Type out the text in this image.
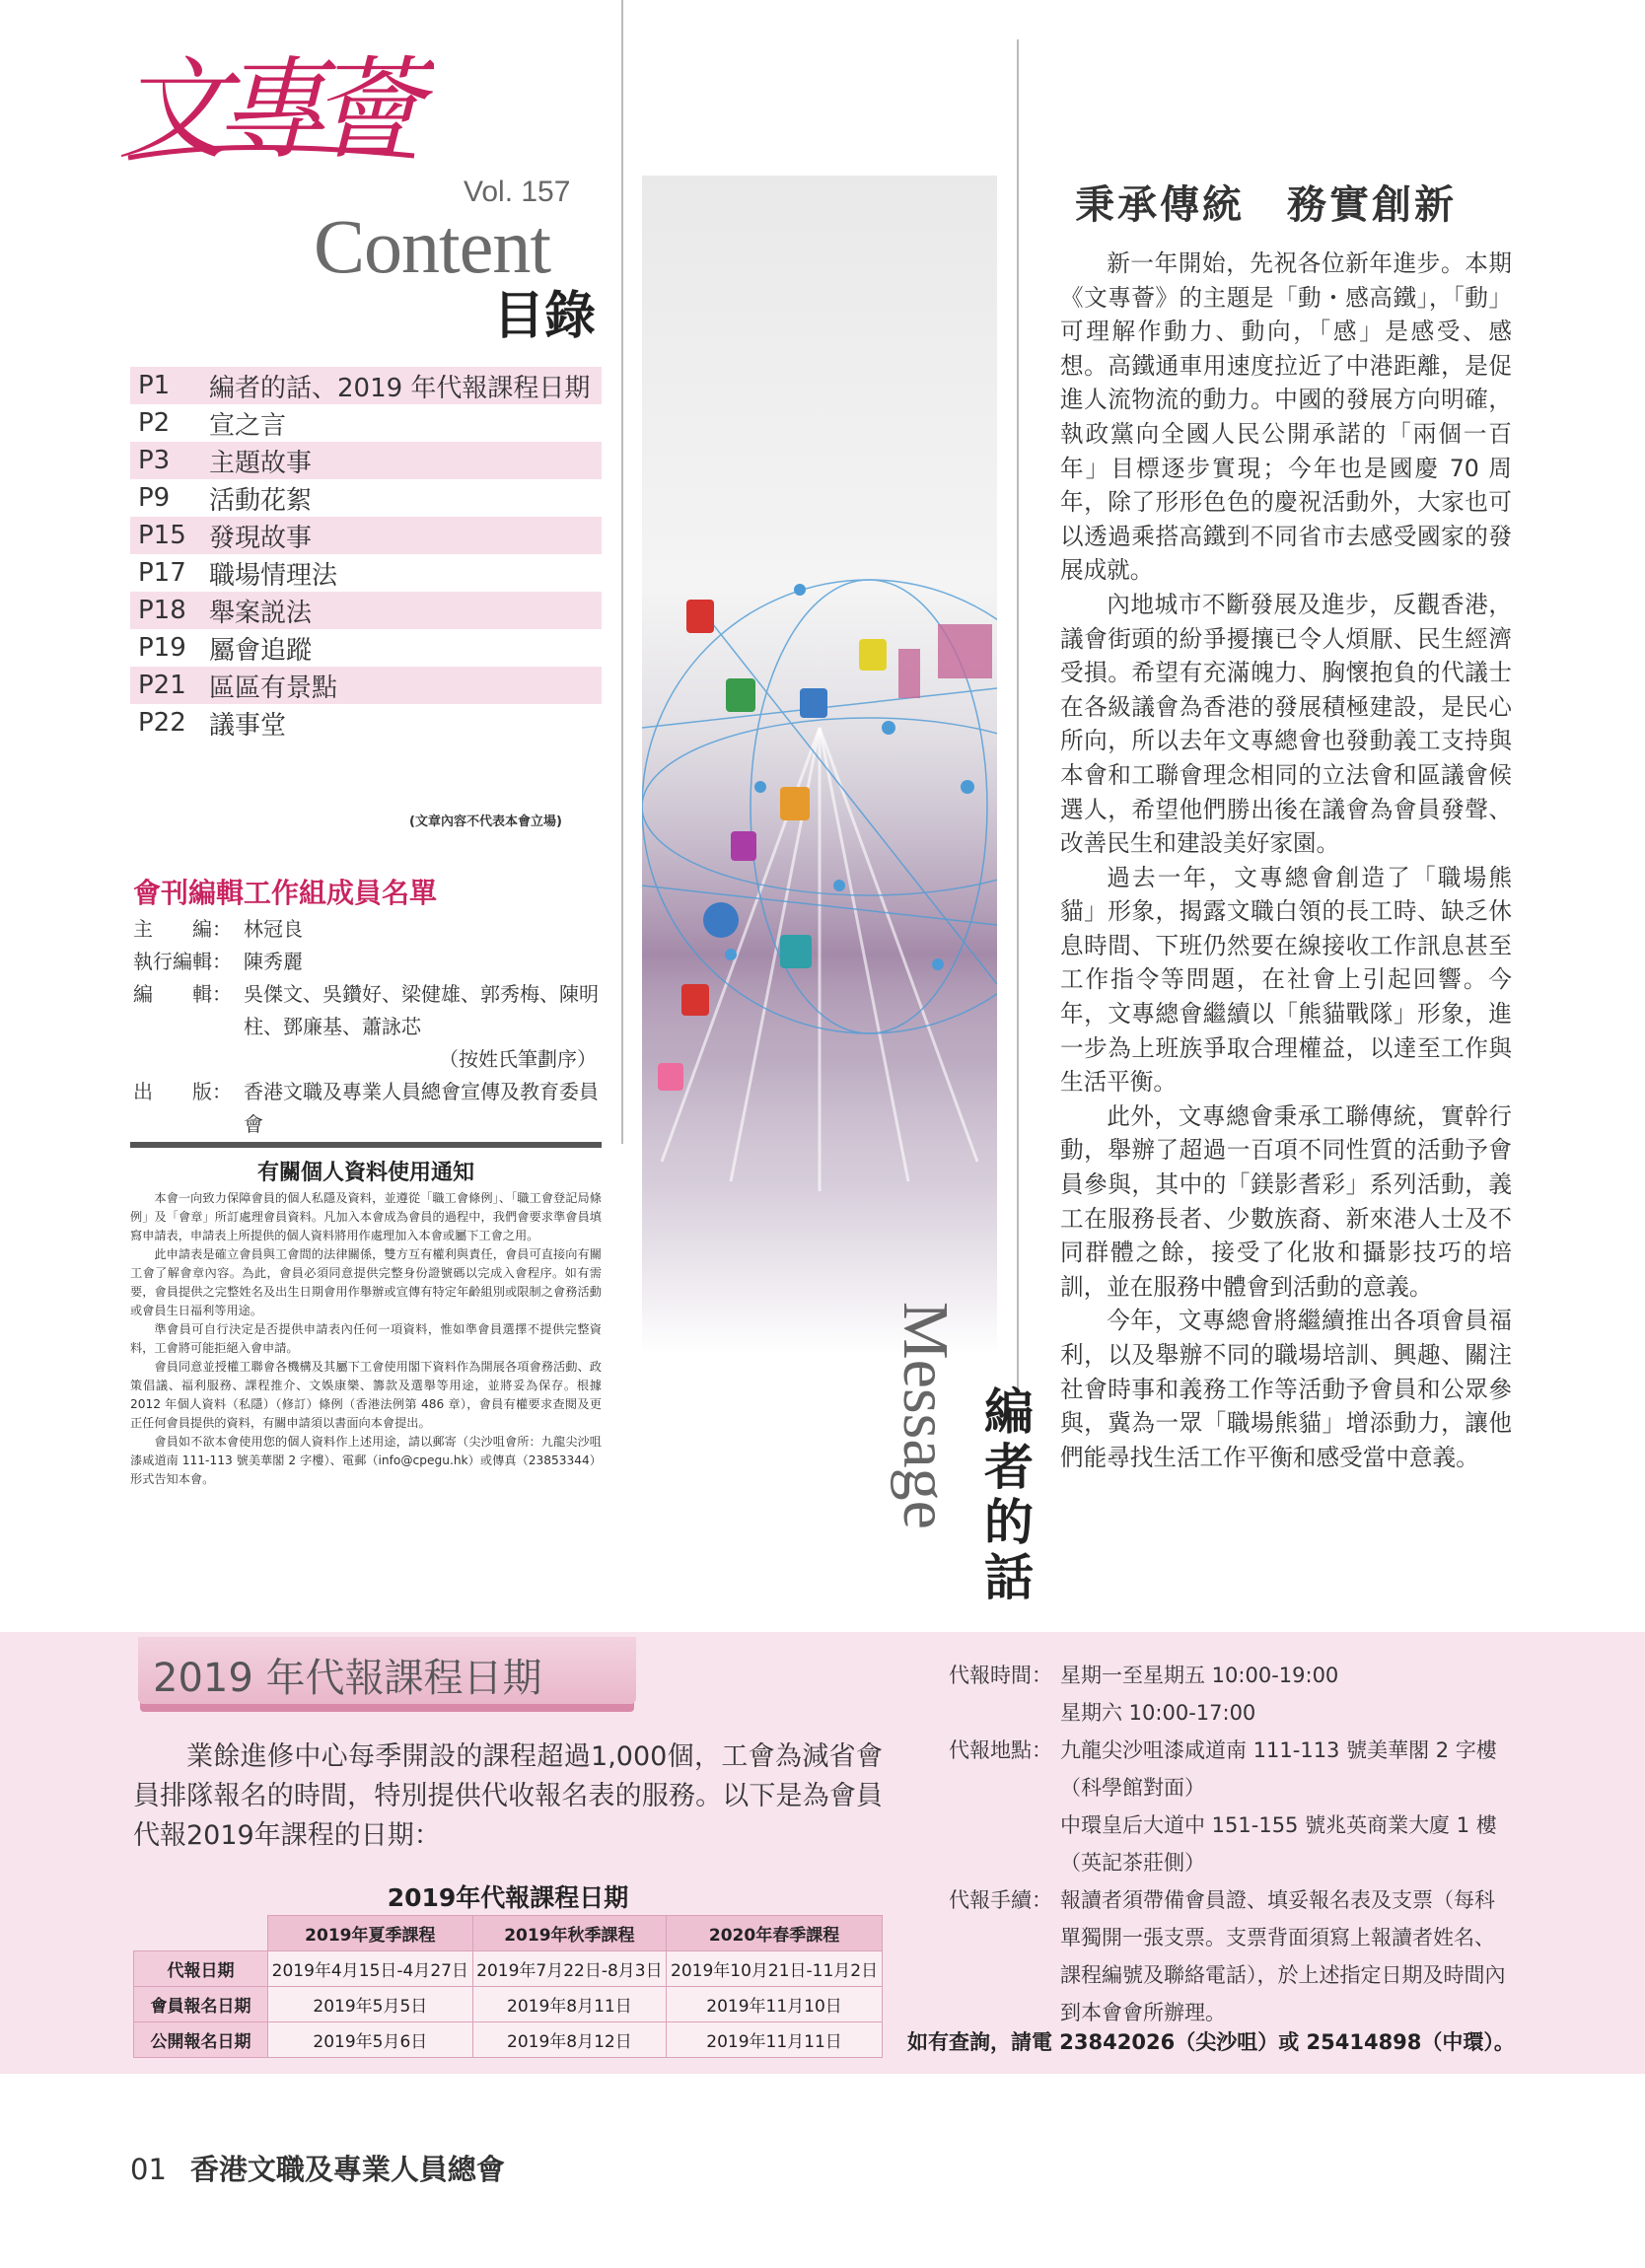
文專薈
Vol. 157
Content
目錄
P1	編者的話、2019 年代報課程日期
P2	宣之言
P3	主題故事
P9	活動花絮
P15 發現故事
P17 職場情理法
P18 舉案説法
P19 屬會追蹤
P21 區區有景點
P22 議事堂
(文章內容不代表本會立場)
會刊編輯工作組成員名單
主　　編： 林冠良
執行編輯： 陳秀麗
編　　輯： 吳傑文、吳鑽好、梁健雄、郭秀梅、陳明柱、鄧廉基、蕭詠芯
（按姓氏筆劃序）
出　　版： 香港文職及專業人員總會宣傳及教育委員會
有關個人資料使用通知

本會一向致力保障會員的個人私隱及資料，並遵從「職工會條例」、「職工會登記局條例」及「會章」所訂處理會員資料。凡加入本會成為會員的過程中，我們會要求準會員填寫申請表，申請表上所提供的個人資料將用作處理加入本會或屬下工會之用。

此申請表是確立會員與工會間的法律關係，雙方互有權利與責任，會員可直接向有關工會了解會章內容。為此，會員必須同意提供完整身份證號碼以完成入會程序。如有需要，會員提供之完整姓名及出生日期會用作舉辦或宣傳有特定年齡組別或限制之會務活動或會員生日福利等用途。

準會員可自行決定是否提供申請表內任何一項資料，惟如準會員選擇不提供完整資料，工會將可能拒絕入會申請。

會員同意並授權工聯會各機構及其屬下工會使用閣下資料作為開展各項會務活動、政策倡議、福利服務、課程推介、文娛康樂、籌款及選舉等用途，並將妥為保存。根據 2012 年個人資料（私隱）（修訂）條例（香港法例第 486 章），會員有權要求查閱及更正任何會員提供的資料，有關申請須以書面向本會提出。

會員如不欲本會使用您的個人資料作上述用途，請以郵寄（尖沙咀會所：九龍尖沙咀漆咸道南 111-113 號美華閣 2 字樓）、電郵（info@cpegu.hk）或傳真（23853344）形式告知本會。	Message 編者的話
秉承傳統　務實創新

新一年開始，先祝各位新年進步。本期《文專薈》的主題是「動・感高鐵」，「動」可理解作動力、動向，「感」是感受、感想。高鐵通車用速度拉近了中港距離，是促進人流物流的動力。中國的發展方向明確，執政黨向全國人民公開承諾的「兩個一百年」目標逐步實現；今年也是國慶 70 周年，除了形形色色的慶祝活動外，大家也可以透過乘搭高鐵到不同省市去感受國家的發展成就。

內地城市不斷發展及進步，反觀香港，議會街頭的紛爭擾攘已令人煩厭、民生經濟受損。希望有充滿魄力、胸懷抱負的代議士在各級議會為香港的發展積極建設，是民心所向，所以去年文專總會也發動義工支持與本會和工聯會理念相同的立法會和區議會候選人，希望他們勝出後在議會為會員發聲、改善民生和建設美好家園。

過去一年，文專總會創造了「職場熊貓」形象，揭露文職白領的長工時、缺乏休息時間、下班仍然要在線接收工作訊息甚至工作指令等問題，在社會上引起回響。今年，文專總會繼續以「熊貓戰隊」形象，進一步為上班族爭取合理權益，以達至工作與生活平衡。

此外，文專總會秉承工聯傳統，實幹行動，舉辦了超過一百項不同性質的活動予會員參與，其中的「鎂影耆彩」系列活動，義工在服務長者、少數族裔、新來港人士及不同群體之餘，接受了化妝和攝影技巧的培訓，並在服務中體會到活動的意義。

今年，文專總會將繼續推出各項會員福利，以及舉辦不同的職場培訓、興趣、關注社會時事和義務工作等活動予會員和公眾參與，冀為一眾「職場熊貓」增添動力，讓他們能尋找生活工作平衡和感受當中意義。

2019 年代報課程日期

業餘進修中心每季開設的課程超過1,000個，工會為減省會員排隊報名的時間，特別提供代收報名表的服務。以下是為會員代報2019年課程的日期：

2019年代報課程日期
	2019年夏季課程	2019年秋季課程	2020年春季課程
代報日期	2019年4月15日-4月27日	2019年7月22日-8月3日	2019年10月21日-11月2日
會員報名日期	2019年5月5日	2019年8月11日	2019年11月10日
公開報名日期	2019年5月6日	2019年8月12日	2019年11月11日
代報時間： 星期一至星期五 10:00-19:00
星期六 10:00-17:00
代報地點： 九龍尖沙咀漆咸道南 111-113 號美華閣 2 字樓（科學館對面）
中環皇后大道中 151-155 號兆英商業大廈 1 樓（英記茶莊側）
代報手續： 報讀者須帶備會員證、填妥報名表及支票（每科單獨開一張支票。支票背面須寫上報讀者姓名、課程編號及聯絡電話），於上述指定日期及時間內到本會會所辦理。
如有查詢，請電 23842026（尖沙咀）或 25414898（中環）。
01 香港文職及專業人員總會
